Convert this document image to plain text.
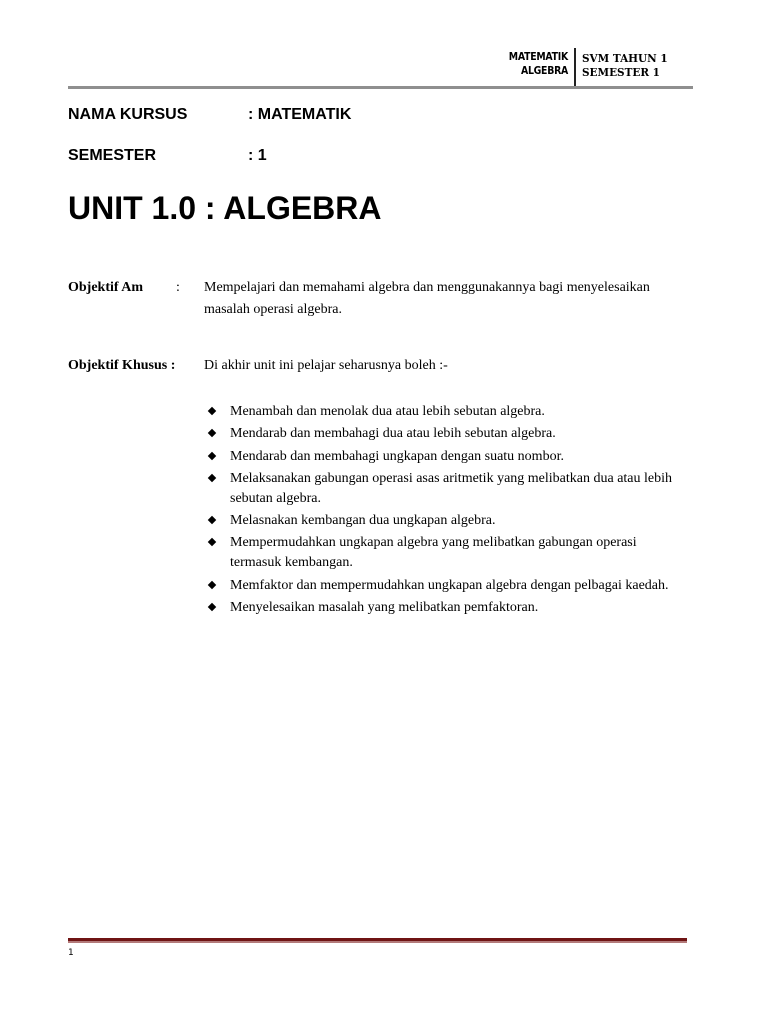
MATEMATIK
ALGEBRA
SVM TAHUN 1
SEMESTER 1
NAMA KURSUS	: MATEMATIK
SEMESTER	: 1
UNIT 1.0 : ALGEBRA
Objektif Am : Mempelajari dan memahami algebra dan menggunakannya bagi menyelesaikan masalah operasi algebra.
Objektif Khusus : Di akhir unit ini pelajar seharusnya boleh :-
Menambah dan menolak dua atau lebih sebutan algebra.
Mendarab dan membahagi dua atau lebih sebutan algebra.
Mendarab dan membahagi ungkapan dengan suatu nombor.
Melaksanakan gabungan operasi asas aritmetik yang melibatkan dua atau lebih sebutan algebra.
Melasnakan kembangan dua ungkapan algebra.
Mempermudahkan ungkapan algebra yang melibatkan gabungan operasi termasuk kembangan.
Memfaktor dan mempermudahkan ungkapan algebra dengan pelbagai kaedah.
Menyelesaikan masalah yang melibatkan pemfaktoran.
1
